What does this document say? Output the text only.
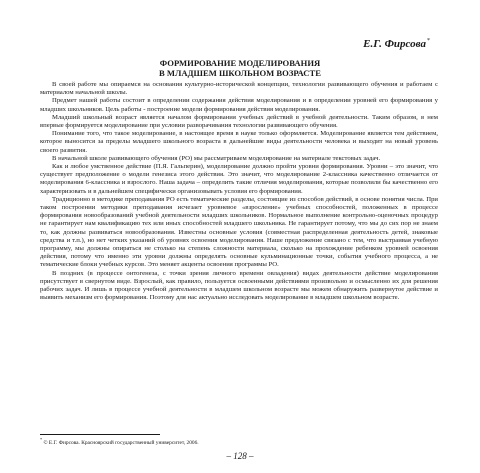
Е.Г. Фирсова*
ФОРМИРОВАНИЕ МОДЕЛИРОВАНИЯ
В МЛАДШЕМ ШКОЛЬНОМ ВОЗРАСТЕ

В своей работе мы опираемся на основания культурно-исторической концепции, технологии развивающего обучения и работаем с материалом начальной школы.

Предмет нашей работы состоит в определении содержания действия моделирования и в определении уровней его формирования у младших школьников. Цель работы - построение модели формирования действия моделирования.

Младший школьный возраст является началом формирования учебных действий в учебной деятельности. Таким образом, в нем впервые формируется моделирование при условии разворачивания технологии развивающего обучения.

Понимание того, что такое моделирование, в настоящее время в науке только оформляется. Моделирование является тем действием, которое выносится за пределы младшего школьного возраста в дальнейшие виды деятельности человека и выходит на новый уровень своего развития.

В начальной школе развивающего обучения (РО) мы рассматриваем моделирование на материале текстовых задач.

Как и любое умственное действие (П.Я. Гальперин), моделирование должно пройти уровни формирования. Уровни – это значит, что существует предположение о модели генезиса этого действия. Это значит, что моделирование 2-классника качественно отличается от моделирования 6-классника и взрослого. Наша задача – определить такие отличия моделирования, которые позволили бы качественно его характеризовать и в дальнейшем специфически организовывать условия его формирования.

Традиционно в методике преподавания РО есть тематические разделы, состоящие из способов действий, в основе понятия числа. При таком построении методики преподавания исчезает уровневое «взросление» учебных способностей, положенных в процессе формирования новообразований учебной деятельности младших школьников. Нормальное выполнение контрольно-оценочных процедур не гарантирует нам квалификацию тех или иных способностей младшего школьника. Не гарантирует потому, что мы до сих пор не знаем то, как должны развиваться новообразования. Известны основные условия (совместная распределенная деятельность детей, знаковые средства и т.п.), но нет четких указаний об уровнях освоения моделирования. Наше предложение связано с тем, что выстраивая учебную программу, мы должны опираться не столько на степень сложности материала, сколько на прохождение ребенком уровней освоения действия, потому что именно эти уровни должны определять основные кульминационные точки, события учебного процесса, а не тематические блоки учебных курсов. Это меняет акценты освоения программы РО.

В поздних (в процессе онтогенеза, с точки зрения личного времени овладения) видах деятельности действие моделирования присутствует в свернутом виде. Взрослый, как правило, пользуется освоенными действиями произвольно и осмысленно их для решения рабочих задач. И лишь в процессе учебной деятельности в младшем школьном возрасте мы можем обнаружить развернутое действие и выявить механизм его формирования. Поэтому для нас актуально исследовать моделирование в младшем школьном возрасте.

* © Е.Г. Фирсова. Красноярский государственный университет, 2006.
– 128 –
